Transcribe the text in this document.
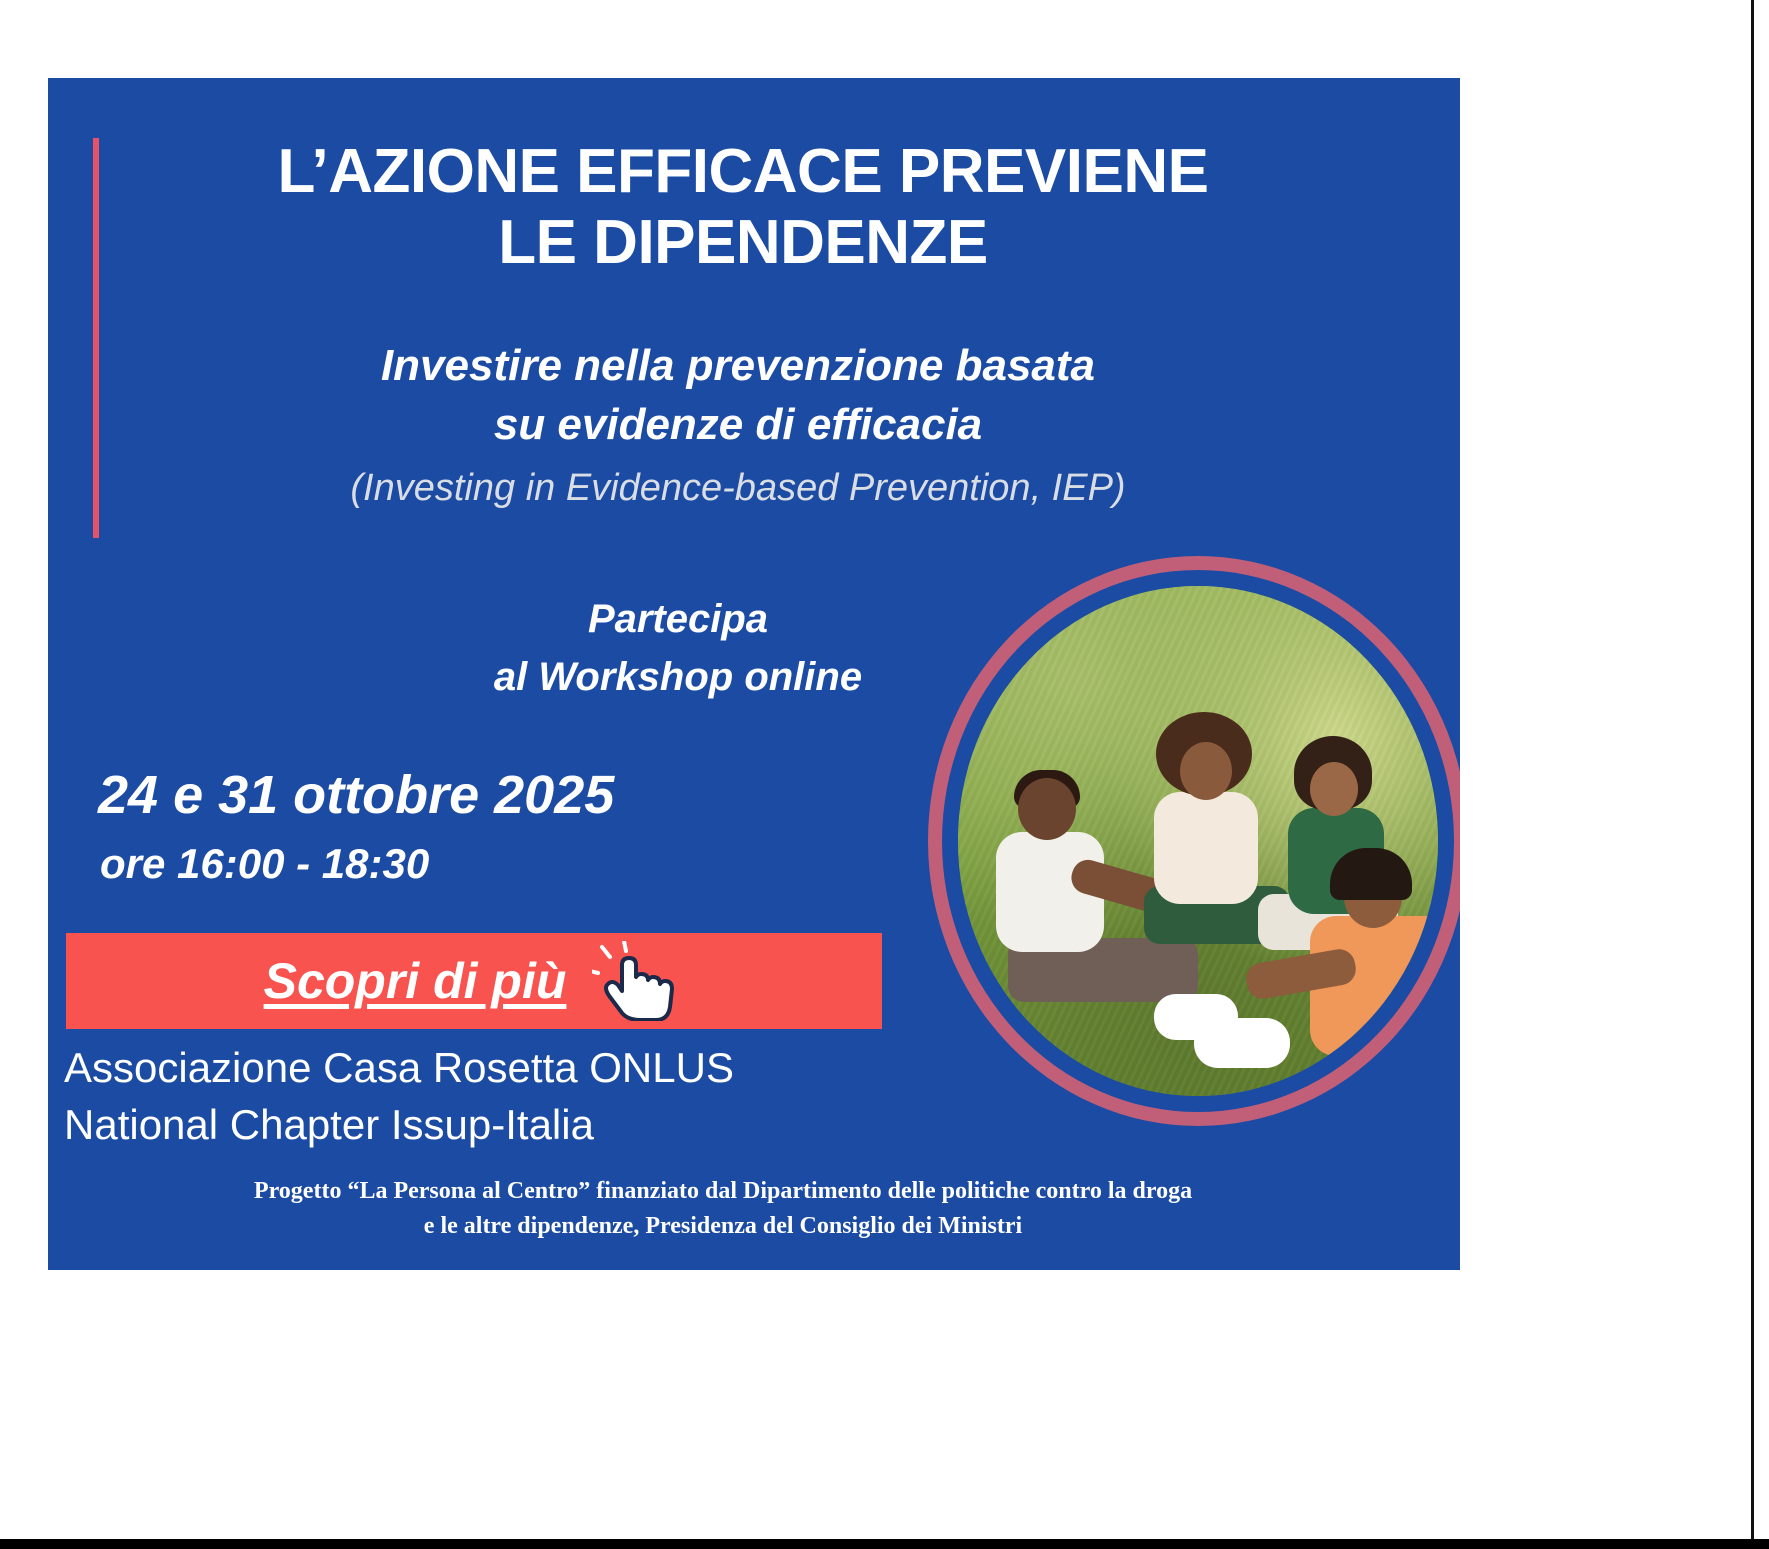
L’AZIONE EFFICACE PREVIENE
LE DIPENDENZE
Investire nella prevenzione basata
su evidenze di efficacia
(Investing in Evidence-based Prevention, IEP)
Partecipa
al Workshop online
24 e 31 ottobre 2025
ore 16:00 - 18:30
Scopri di più
Associazione Casa Rosetta ONLUS
National Chapter Issup-Italia
Progetto “La Persona al Centro” finanziato dal Dipartimento delle politiche contro la droga
e le altre dipendenze, Presidenza del Consiglio dei Ministri
